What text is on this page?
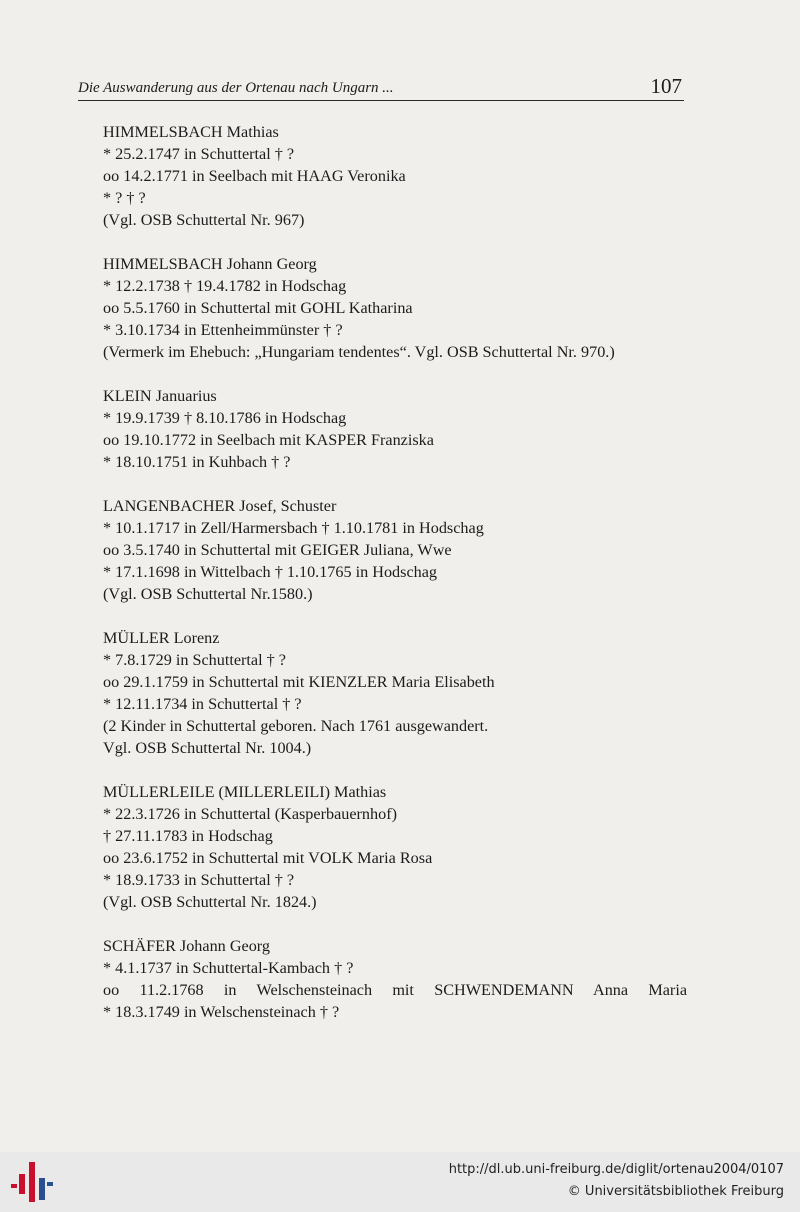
Die Auswanderung aus der Ortenau nach Ungarn ...	107
HIMMELSBACH Mathias
* 25.2.1747 in Schuttertal † ?
oo 14.2.1771 in Seelbach mit HAAG Veronika
* ? † ?
(Vgl. OSB Schuttertal Nr. 967)
HIMMELSBACH Johann Georg
* 12.2.1738 † 19.4.1782 in Hodschag
oo 5.5.1760 in Schuttertal mit GOHL Katharina
* 3.10.1734 in Ettenheimmünster † ?
(Vermerk im Ehebuch: „Hungariam tendentes“. Vgl. OSB Schuttertal Nr. 970.)
KLEIN Januarius
* 19.9.1739 † 8.10.1786 in Hodschag
oo 19.10.1772 in Seelbach mit KASPER Franziska
* 18.10.1751 in Kuhbach † ?
LANGENBACHER Josef, Schuster
* 10.1.1717 in Zell/Harmersbach † 1.10.1781 in Hodschag
oo 3.5.1740 in Schuttertal mit GEIGER Juliana, Wwe
* 17.1.1698 in Wittelbach † 1.10.1765 in Hodschag
(Vgl. OSB Schuttertal Nr.1580.)
MÜLLER Lorenz
* 7.8.1729 in Schuttertal † ?
oo 29.1.1759 in Schuttertal mit KIENZLER Maria Elisabeth
* 12.11.1734 in Schuttertal † ?
(2 Kinder in Schuttertal geboren. Nach 1761 ausgewandert.
Vgl. OSB Schuttertal Nr. 1004.)
MÜLLERLEILE (MILLERLEILI) Mathias
* 22.3.1726 in Schuttertal (Kasperbauernhof)
† 27.11.1783 in Hodschag
oo 23.6.1752 in Schuttertal mit VOLK Maria Rosa
* 18.9.1733 in Schuttertal † ?
(Vgl. OSB Schuttertal Nr. 1824.)
SCHÄFER Johann Georg
* 4.1.1737 in Schuttertal-Kambach † ?
oo 11.2.1768 in Welschensteinach mit SCHWENDEMANN Anna Maria
* 18.3.1749 in Welschensteinach † ?
http://dl.ub.uni-freiburg.de/diglit/ortenau2004/0107
© Universitätsbibliothek Freiburg
